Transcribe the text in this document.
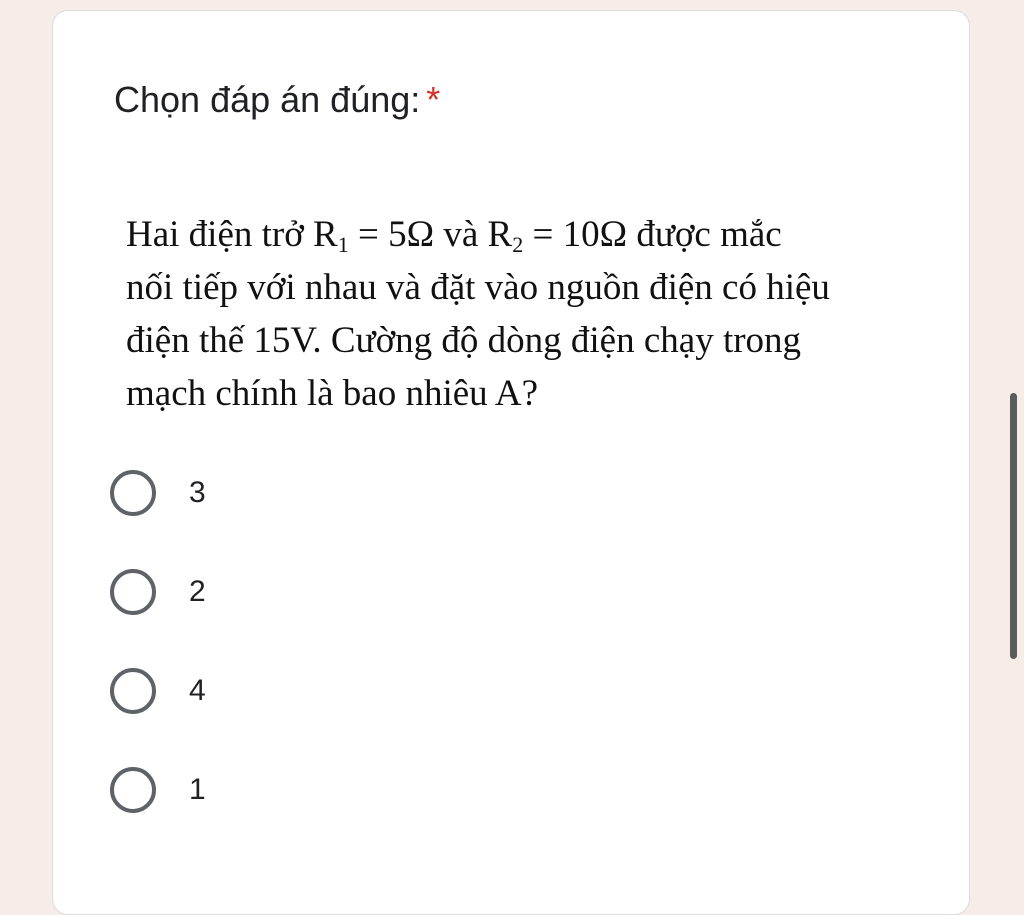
Chọn đáp án đúng: *
Hai điện trở $R_1 = 5\Omega$ và $R_2 = 10\Omega$ được mắc
nối tiếp với nhau và đặt vào nguồn điện có hiệu
điện thế 15V. Cường độ dòng điện chạy trong
mạch chính là bao nhiêu A?
3
2
4
1
